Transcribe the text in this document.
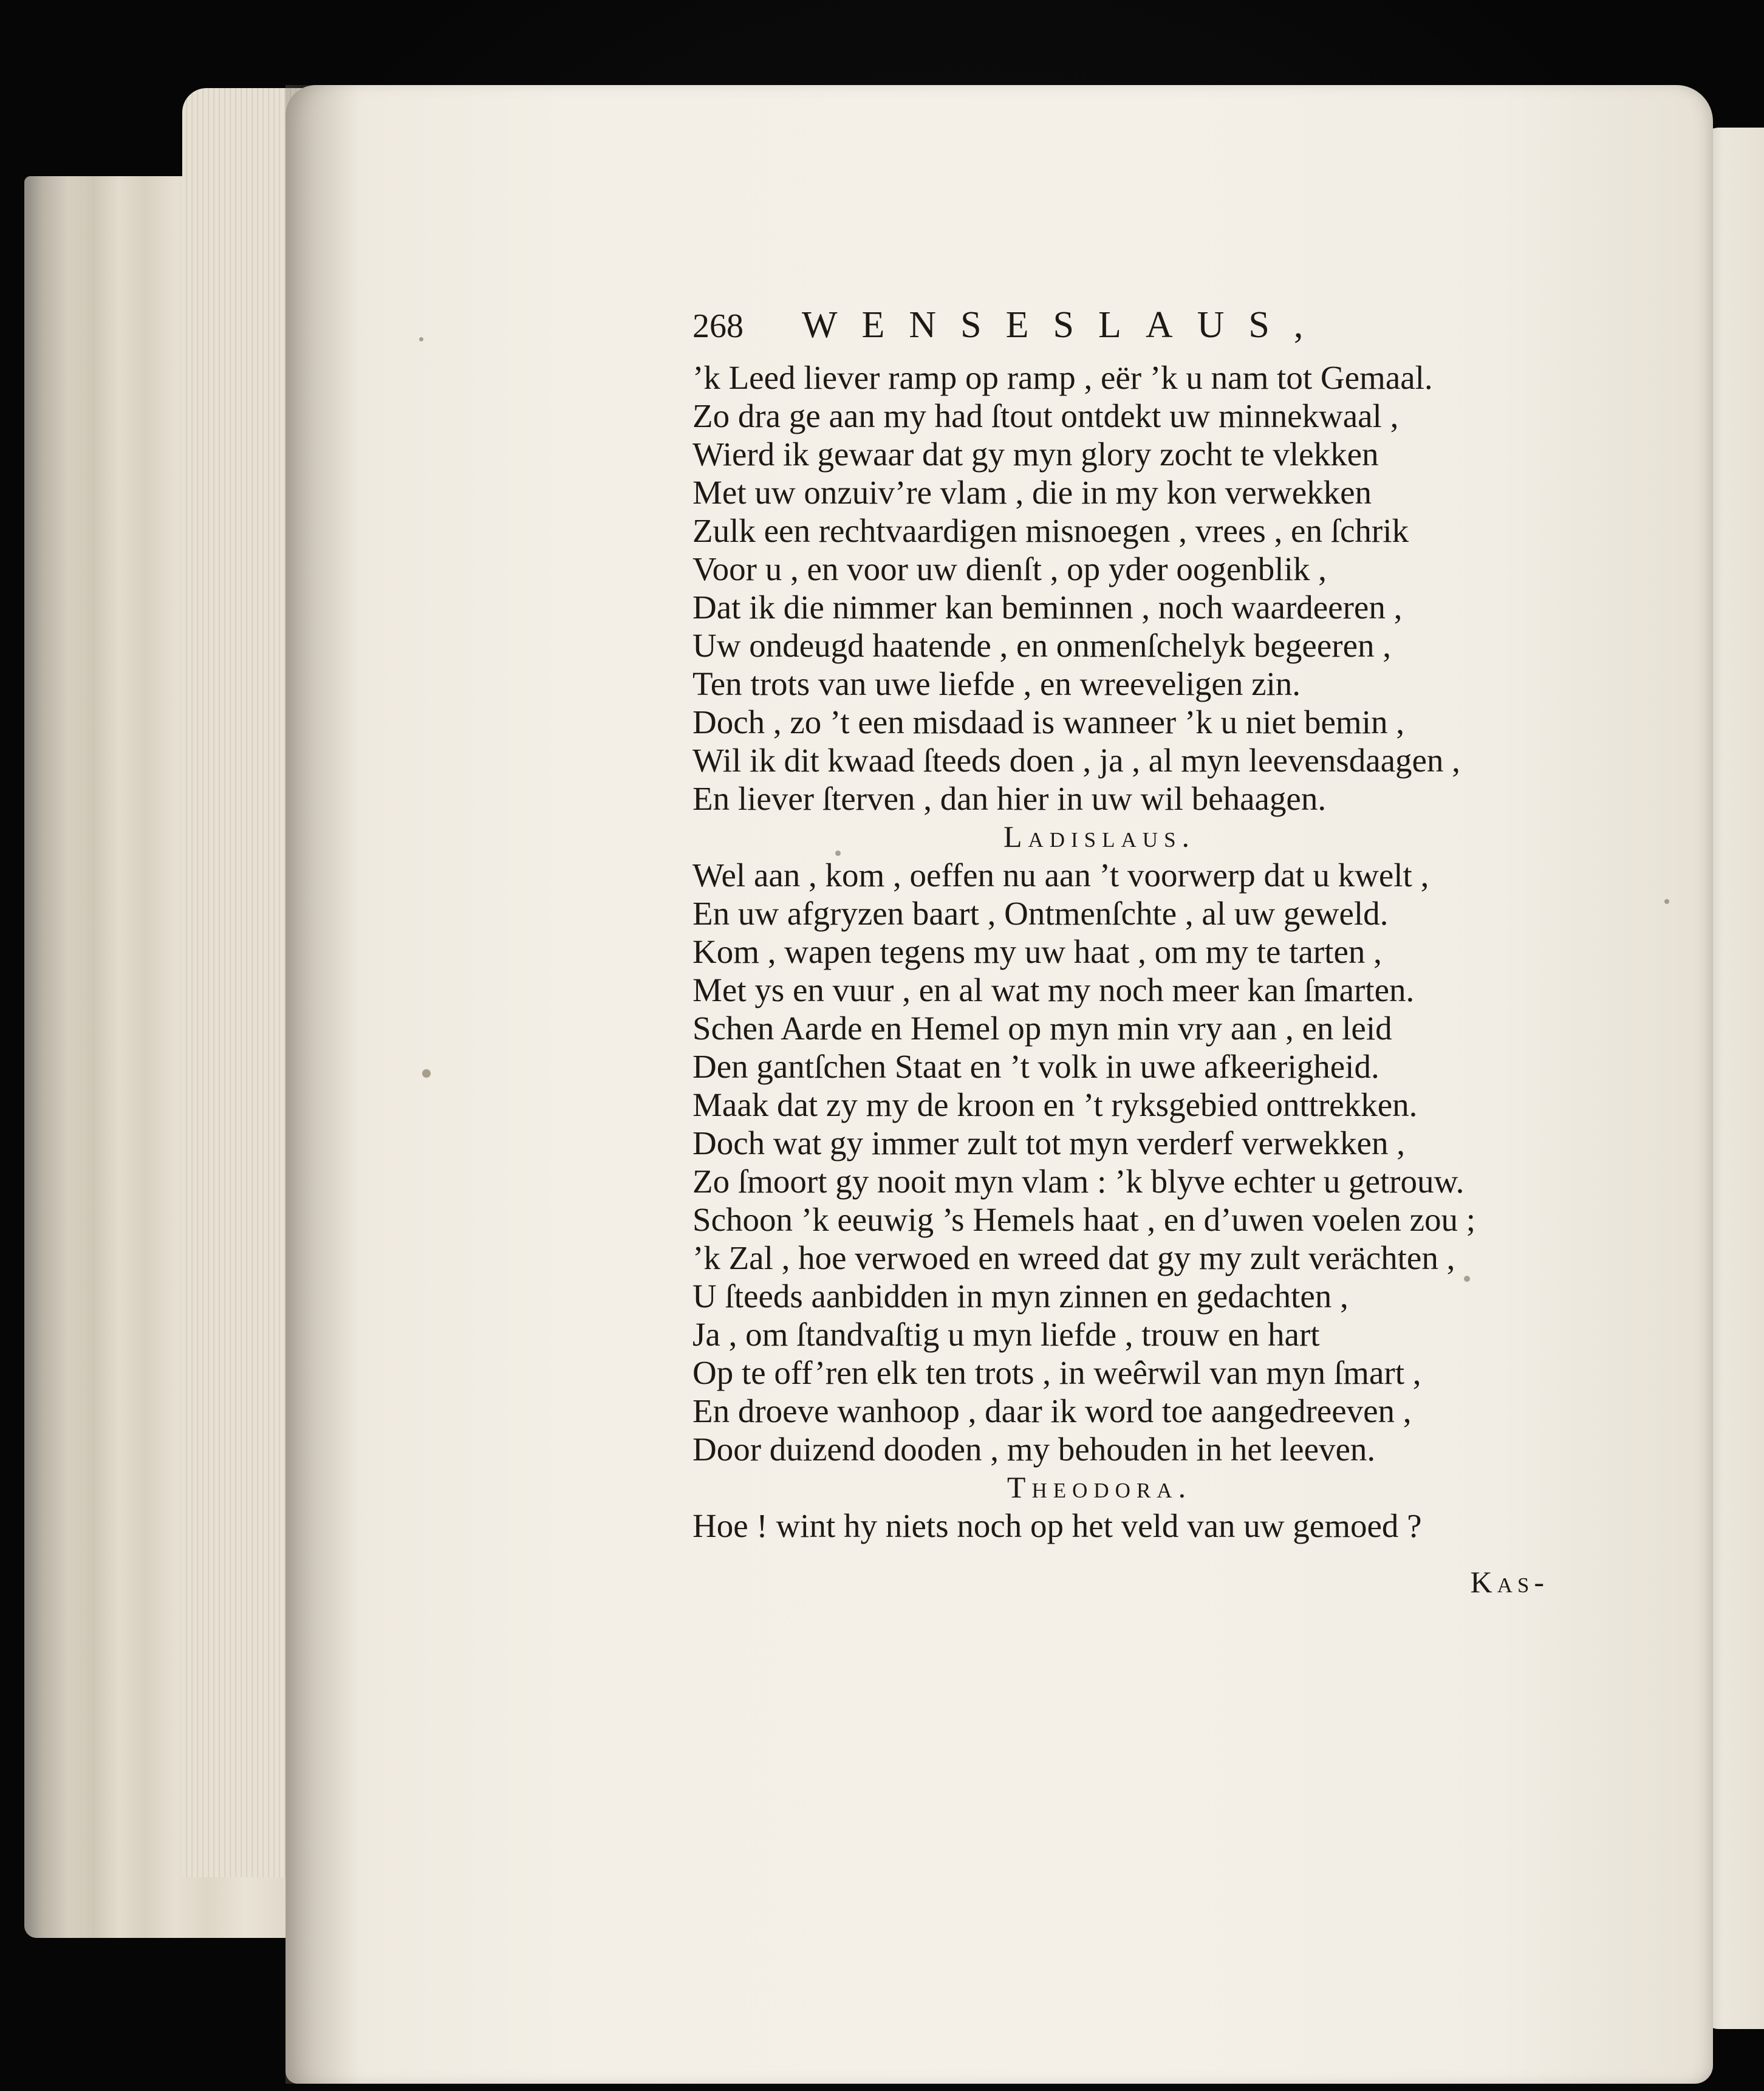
268	WENSESLAUS,
’k Leed liever ramp op ramp , eër ’k u nam tot Gemaal.
Zo dra ge aan my had ſtout ontdekt uw minnekwaal ,
Wierd ik gewaar dat gy myn glory zocht te vlekken
Met uw onzuiv’re vlam , die in my kon verwekken
Zulk een rechtvaardigen misnoegen , vrees , en ſchrik
Voor u , en voor uw dienſt , op yder oogenblik ,
Dat ik die nimmer kan beminnen , noch waardeeren ,
Uw ondeugd haatende , en onmenſchelyk begeeren ,
Ten trots van uwe liefde , en wreeveligen zin.
Doch , zo ’t een misdaad is wanneer ’k u niet bemin ,
Wil ik dit kwaad ſteeds doen , ja , al myn leevensdaagen ,
En liever ſterven , dan hier in uw wil behaagen.
Ladislaus.
Wel aan , kom , oeffen nu aan ’t voorwerp dat u kwelt ,
En uw afgryzen baart , Ontmenſchte , al uw geweld.
Kom , wapen tegens my uw haat , om my te tarten ,
Met ys en vuur , en al wat my noch meer kan ſmarten.
Schen Aarde en Hemel op myn min vry aan , en leid
Den gantſchen Staat en ’t volk in uwe afkeerigheid.
Maak dat zy my de kroon en ’t ryksgebied onttrekken.
Doch wat gy immer zult tot myn verderf verwekken ,
Zo ſmoort gy nooit myn vlam : ’k blyve echter u getrouw.
Schoon ’k eeuwig ’s Hemels haat , en d’uwen voelen zou ;
’k Zal , hoe verwoed en wreed dat gy my zult verächten ,
U ſteeds aanbidden in myn zinnen en gedachten ,
Ja , om ſtandvaſtig u myn liefde , trouw en hart
Op te off’ren elk ten trots , in weêrwil van myn ſmart ,
En droeve wanhoop , daar ik word toe aangedreeven ,
Door duizend dooden , my behouden in het leeven.
Theodora.
Hoe ! wint hy niets noch op het veld van uw gemoed ?
Kas-
